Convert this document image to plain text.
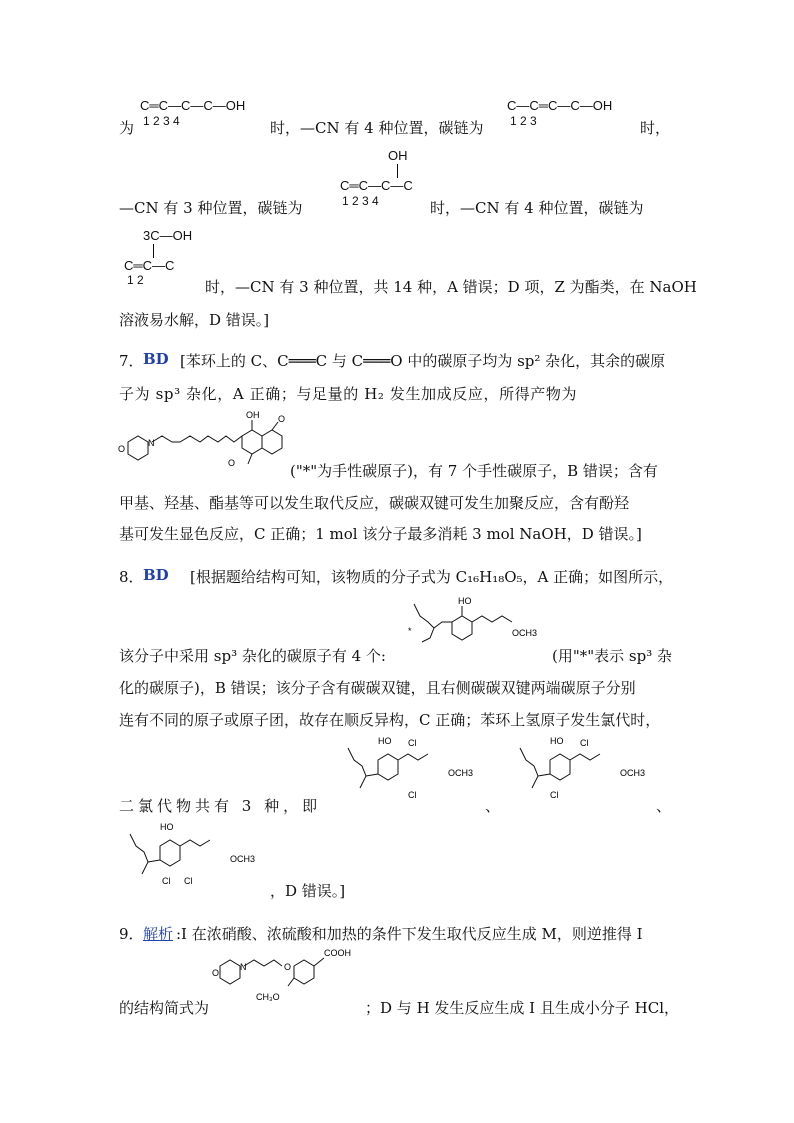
为
C═C—C—C—OH
1 2 3 4	时，—CN 有 4 种位置，碳链为
C—C═C—C—OH
1 2 3	时，
OH
C═C—C—C
1 2 3 4
—CN 有 3 种位置，碳链为	时，—CN 有 4 种位置，碳链为
3C—OH
C═C—C
1 2	时，—CN 有 3 种位置，共 14 种，A 错误；D 项，Z 为酯类，在 NaOH
溶液易水解，D 错误。]
7． BD [苯环上的 C、C═══C 与 C═══O 中的碳原子均为 sp² 杂化，其余的碳原
子为 sp³ 杂化，A 正确；与足量的 H₂ 发生加成反应，所得产物为
O
N
OH O
O	("*"为手性碳原子)，有 7 个手性碳原子，B 错误；含有
甲基、羟基、酯基等可以发生取代反应，碳碳双键可发生加聚反应，含有酚羟
基可发生显色反应，C 正确；1 mol 该分子最多消耗 3 mol NaOH，D 错误。]
8． BD [根据题给结构可知，该物质的分子式为 C₁₆H₁₈O₅，A 正确；如图所示，
HO
OCH3
*
该分子中采用 sp³ 杂化的碳原子有 4 个:	(用"*"表示 sp³ 杂
化的碳原子)，B 错误；该分子含有碳碳双键，且右侧碳碳双键两端碳原子分别
连有不同的原子或原子团，故存在顺反异构，C 正确；苯环上氢原子发生氯代时，
HO Cl
Cl
OCH3
、
HO Cl
Cl
OCH3
、
二氯代物共有 3 种，即
HO
Cl Cl
OCH3
，D 错误。]
9． 解析 :I 在浓硝酸、浓硫酸和加热的条件下发生取代反应生成 M，则逆推得 I
COOH
CH₃O
N
O
O
的结构简式为	；D 与 H 发生反应生成 I 且生成小分子 HCl，
